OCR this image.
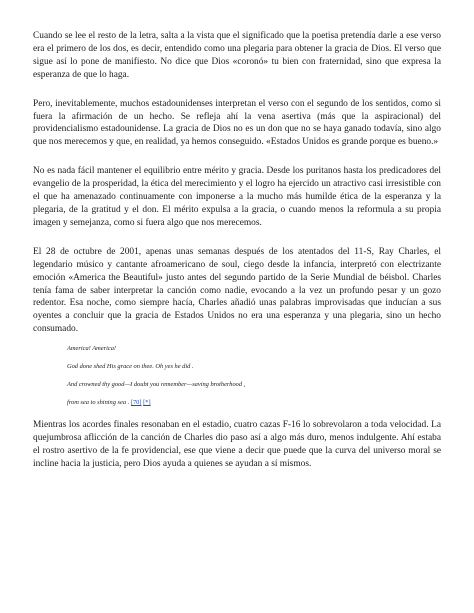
Cuando se lee el resto de la letra, salta a la vista que el significado que la poetisa pretendía darle a ese verso era el primero de los dos, es decir, entendido como una plegaria para obtener la gracia de Dios. El verso que sigue así lo pone de manifiesto. No dice que Dios «coronó» tu bien con fraternidad, sino que expresa la esperanza de que lo haga.

Pero, inevitablemente, muchos estadounidenses interpretan el verso con el segundo de los sentidos, como si fuera la afirmación de un hecho. Se refleja ahí la vena asertiva (más que la aspiracional) del providencialismo estadounidense. La gracia de Dios no es un don que no se haya ganado todavía, sino algo que nos merecemos y que, en realidad, ya hemos conseguido. «Estados Unidos es grande porque es bueno.»

No es nada fácil mantener el equilibrio entre mérito y gracia. Desde los puritanos hasta los predicadores del evangelio de la prosperidad, la ética del merecimiento y el logro ha ejercido un atractivo casi irresistible con el que ha amenazado continuamente con imponerse a la mucho más humilde ética de la esperanza y la plegaria, de la gratitud y el don. El mérito expulsa a la gracia, o cuando menos la reformula a su propia imagen y semejanza, como si fuera algo que nos merecemos.

El 28 de octubre de 2001, apenas unas semanas después de los atentados del 11-S, Ray Charles, el legendario músico y cantante afroamericano de soul, ciego desde la infancia, interpretó con electrizante emoción «America the Beautiful» justo antes del segundo partido de la Serie Mundial de béisbol. Charles tenía fama de saber interpretar la canción como nadie, evocando a la vez un profundo pesar y un gozo redentor. Esa noche, como siempre hacía, Charles añadió unas palabras improvisadas que inducían a sus oyentes a concluir que la gracia de Estados Unidos no era una esperanza y una plegaria, sino un hecho consumado.

America! America!

God done shed His grace on thee. Oh yes he did .

And crowned thy good—I doubt you remember—saving brotherhood ,

from sea to shining sea . [70] [*]

Mientras los acordes finales resonaban en el estadio, cuatro cazas F-16 lo sobrevolaron a toda velocidad. La quejumbrosa aflicción de la canción de Charles dio paso así a algo más duro, menos indulgente. Ahí estaba el rostro asertivo de la fe providencial, ese que viene a decir que puede que la curva del universo moral se incline hacia la justicia, pero Dios ayuda a quienes se ayudan a sí mismos.
